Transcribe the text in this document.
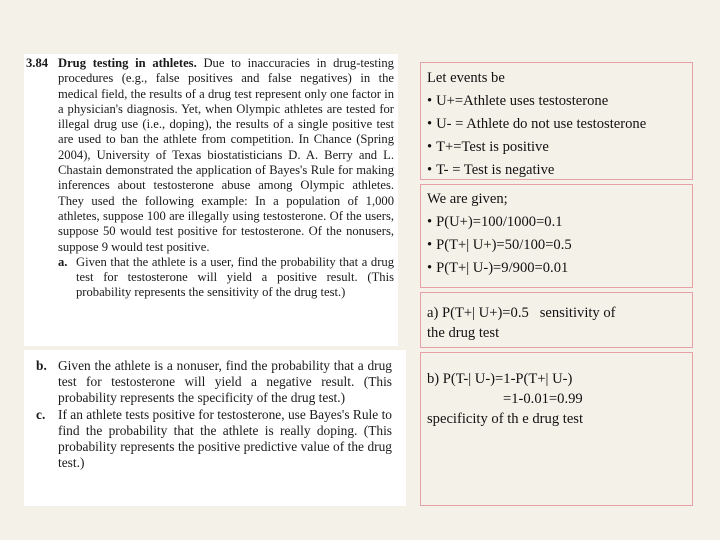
3.84 Drug testing in athletes. Due to inaccuracies in drug-testing procedures (e.g., false positives and false negatives) in the medical field, the results of a drug test represent only one factor in a physician's diagnosis. Yet, when Olympic athletes are tested for illegal drug use (i.e., doping), the results of a single positive test are used to ban the athlete from competition. In Chance (Spring 2004), University of Texas biostatisticians D. A. Berry and L. Chastain demonstrated the application of Bayes's Rule for making inferences about testosterone abuse among Olympic athletes. They used the following example: In a population of 1,000 athletes, suppose 100 are illegally using testosterone. Of the users, suppose 50 would test positive for testosterone. Of the nonusers, suppose 9 would test positive.
a. Given that the athlete is a user, find the probability that a drug test for testosterone will yield a positive result. (This probability represents the sensitivity of the drug test.)
b. Given the athlete is a nonuser, find the probability that a drug test for testosterone will yield a negative result. (This probability represents the specificity of the drug test.)
c. If an athlete tests positive for testosterone, use Bayes's Rule to find the probability that the athlete is really doping. (This probability represents the positive predictive value of the drug test.)
Let events be
• U+=Athlete uses testosterone
• U- = Athlete do not use testosterone
• T+=Test is positive
• T- = Test is negative
We are given;
• P(U+)=100/1000=0.1
• P(T+| U+)=50/100=0.5
• P(T+| U-)=9/900=0.01
a) P(T+| U+)=0.5   sensitivity of
the drug test
b) P(T-| U-)=1-P(T+| U-)
=1-0.01=0.99
specificity of th e drug test
